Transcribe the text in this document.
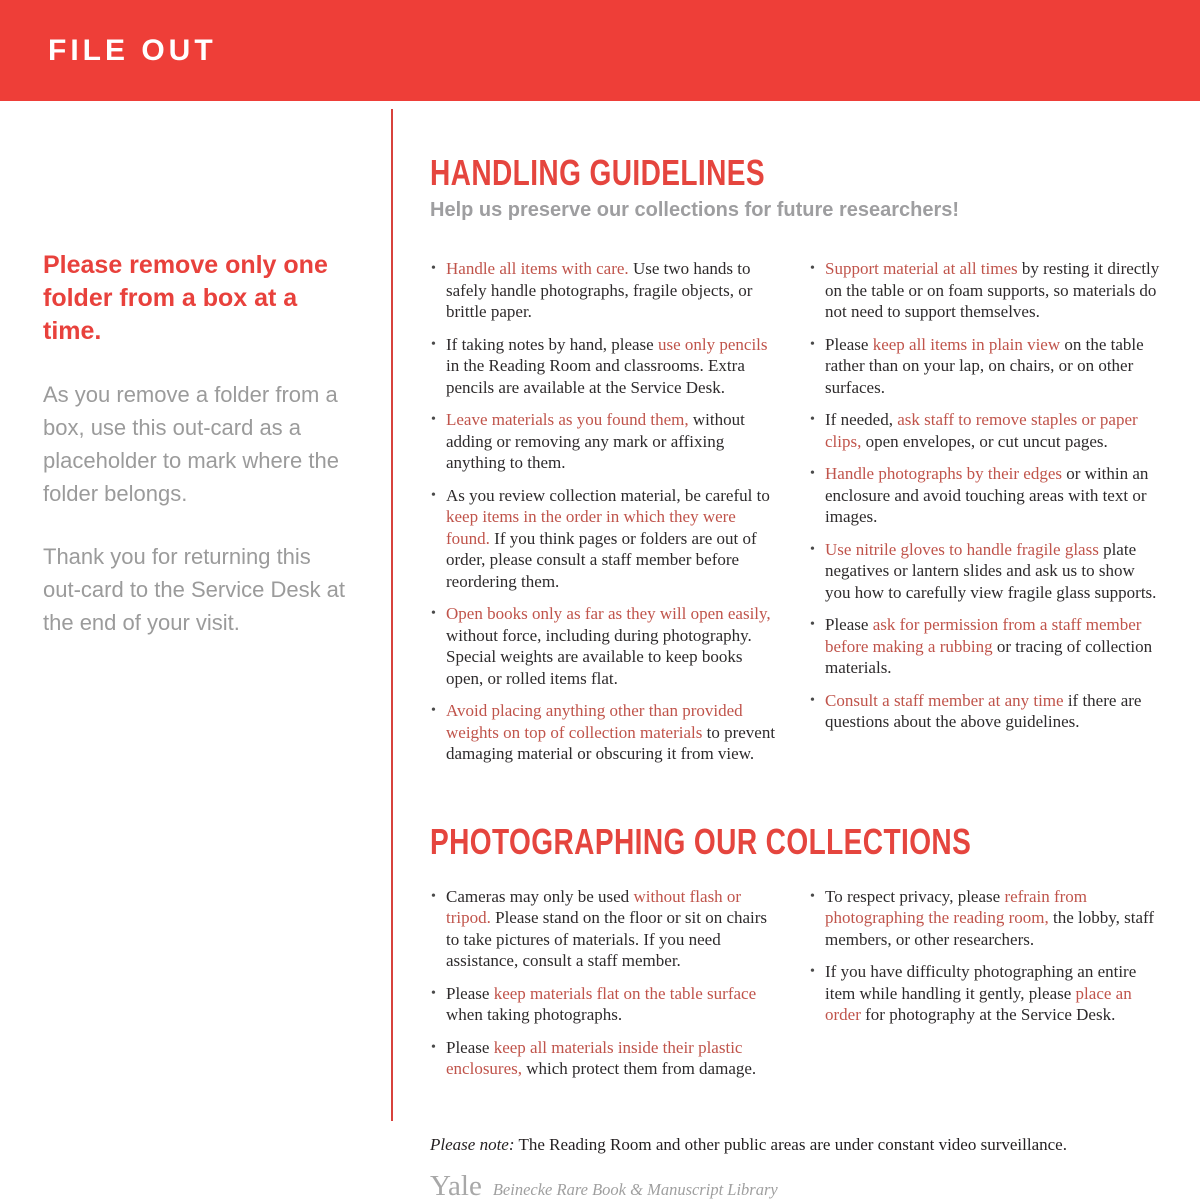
FILE OUT
Please remove only one folder from a box at a time.

As you remove a folder from a box, use this out-card as a placeholder to mark where the folder belongs.

Thank you for returning this out-card to the Service Desk at the end of your visit.

HANDLING GUIDELINES

Help us preserve our collections for future researchers!

• Handle all items with care. Use two hands to safely handle photographs, fragile objects, or brittle paper.
• If taking notes by hand, please use only pencils in the Reading Room and classrooms. Extra pencils are available at the Service Desk.
• Leave materials as you found them, without adding or removing any mark or affixing anything to them.
• As you review collection material, be careful to keep items in the order in which they were found. If you think pages or folders are out of order, please consult a staff member before reordering them.
• Open books only as far as they will open easily, without force, including during photography. Special weights are available to keep books open, or rolled items flat.
• Avoid placing anything other than provided weights on top of collection materials to prevent damaging material or obscuring it from view.
• Support material at all times by resting it directly on the table or on foam supports, so materials do not need to support themselves.
• Please keep all items in plain view on the table rather than on your lap, on chairs, or on other surfaces.
• If needed, ask staff to remove staples or paper clips, open envelopes, or cut uncut pages.
• Handle photographs by their edges or within an enclosure and avoid touching areas with text or images.
• Use nitrile gloves to handle fragile glass plate negatives or lantern slides and ask us to show you how to carefully view fragile glass supports.
• Please ask for permission from a staff member before making a rubbing or tracing of collection materials.
• Consult a staff member at any time if there are questions about the above guidelines.
PHOTOGRAPHING OUR COLLECTIONS
• Cameras may only be used without flash or tripod. Please stand on the floor or sit on chairs to take pictures of materials. If you need assistance, consult a staff member.
• Please keep materials flat on the table surface when taking photographs.
• Please keep all materials inside their plastic enclosures, which protect them from damage.
• To respect privacy, please refrain from photographing the reading room, the lobby, staff members, or other researchers.
• If you have difficulty photographing an entire item while handling it gently, please place an order for photography at the Service Desk.

Please note: The Reading Room and other public areas are under constant video surveillance.

Yale Beinecke Rare Book & Manuscript Library
